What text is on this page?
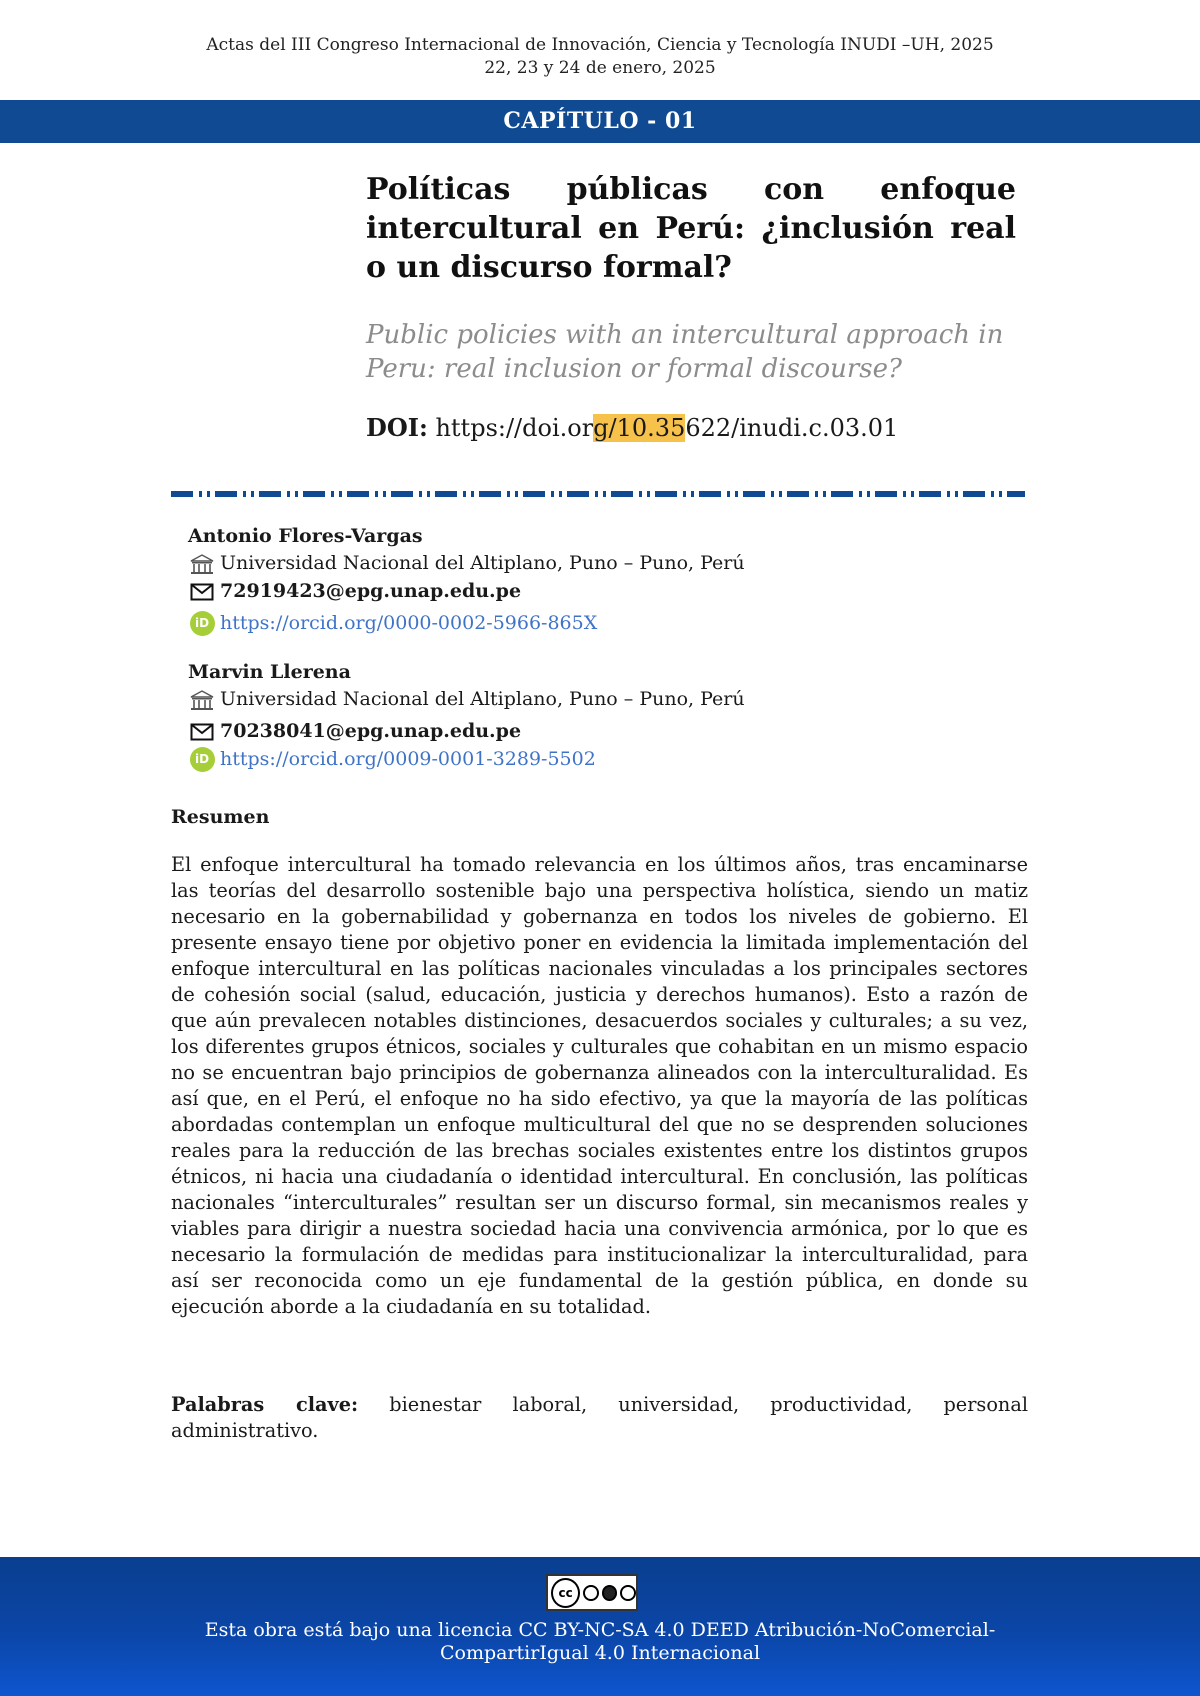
Actas del III Congreso Internacional de Innovación, Ciencia y Tecnología INUDI –UH, 2025
22, 23 y 24 de enero, 2025
CAPÍTULO - 01
Políticas públicas con enfoque intercultural en Perú: ¿inclusión real o un discurso formal?

Public policies with an intercultural approach in Peru: real inclusion or formal discourse?

DOI: https://doi.org/10.35622/inudi.c.03.01
Antonio Flores-Vargas
Universidad Nacional del Altiplano, Puno – Puno, Perú
72919423@epg.unap.edu.pe
iD https://orcid.org/0000-0002-5966-865X
Marvin Llerena
Universidad Nacional del Altiplano, Puno – Puno, Perú
70238041@epg.unap.edu.pe
iD https://orcid.org/0009-0001-3289-5502
Resumen

El enfoque intercultural ha tomado relevancia en los últimos años, tras encaminarse las teorías del desarrollo sostenible bajo una perspectiva holística, siendo un matiz necesario en la gobernabilidad y gobernanza en todos los niveles de gobierno. El presente ensayo tiene por objetivo poner en evidencia la limitada implementación del enfoque intercultural en las políticas nacionales vinculadas a los principales sectores de cohesión social (salud, educación, justicia y derechos humanos). Esto a razón de que aún prevalecen notables distinciones, desacuerdos sociales y culturales; a su vez, los diferentes grupos étnicos, sociales y culturales que cohabitan en un mismo espacio no se encuentran bajo principios de gobernanza alineados con la interculturalidad. Es así que, en el Perú, el enfoque no ha sido efectivo, ya que la mayoría de las políticas abordadas contemplan un enfoque multicultural del que no se desprenden soluciones reales para la reducción de las brechas sociales existentes entre los distintos grupos étnicos, ni hacia una ciudadanía o identidad intercultural. En conclusión, las políticas nacionales “interculturales” resultan ser un discurso formal, sin mecanismos reales y viables para dirigir a nuestra sociedad hacia una convivencia armónica, por lo que es necesario la formulación de medidas para institucionalizar la interculturalidad, para así ser reconocida como un eje fundamental de la gestión pública, en donde su ejecución aborde a la ciudadanía en su totalidad.

Palabras clave: bienestar laboral, universidad, productividad, personal administrativo.

cc
Esta obra está bajo una licencia CC BY-NC-SA 4.0 DEED Atribución-NoComercial-
CompartirIgual 4.0 Internacional
